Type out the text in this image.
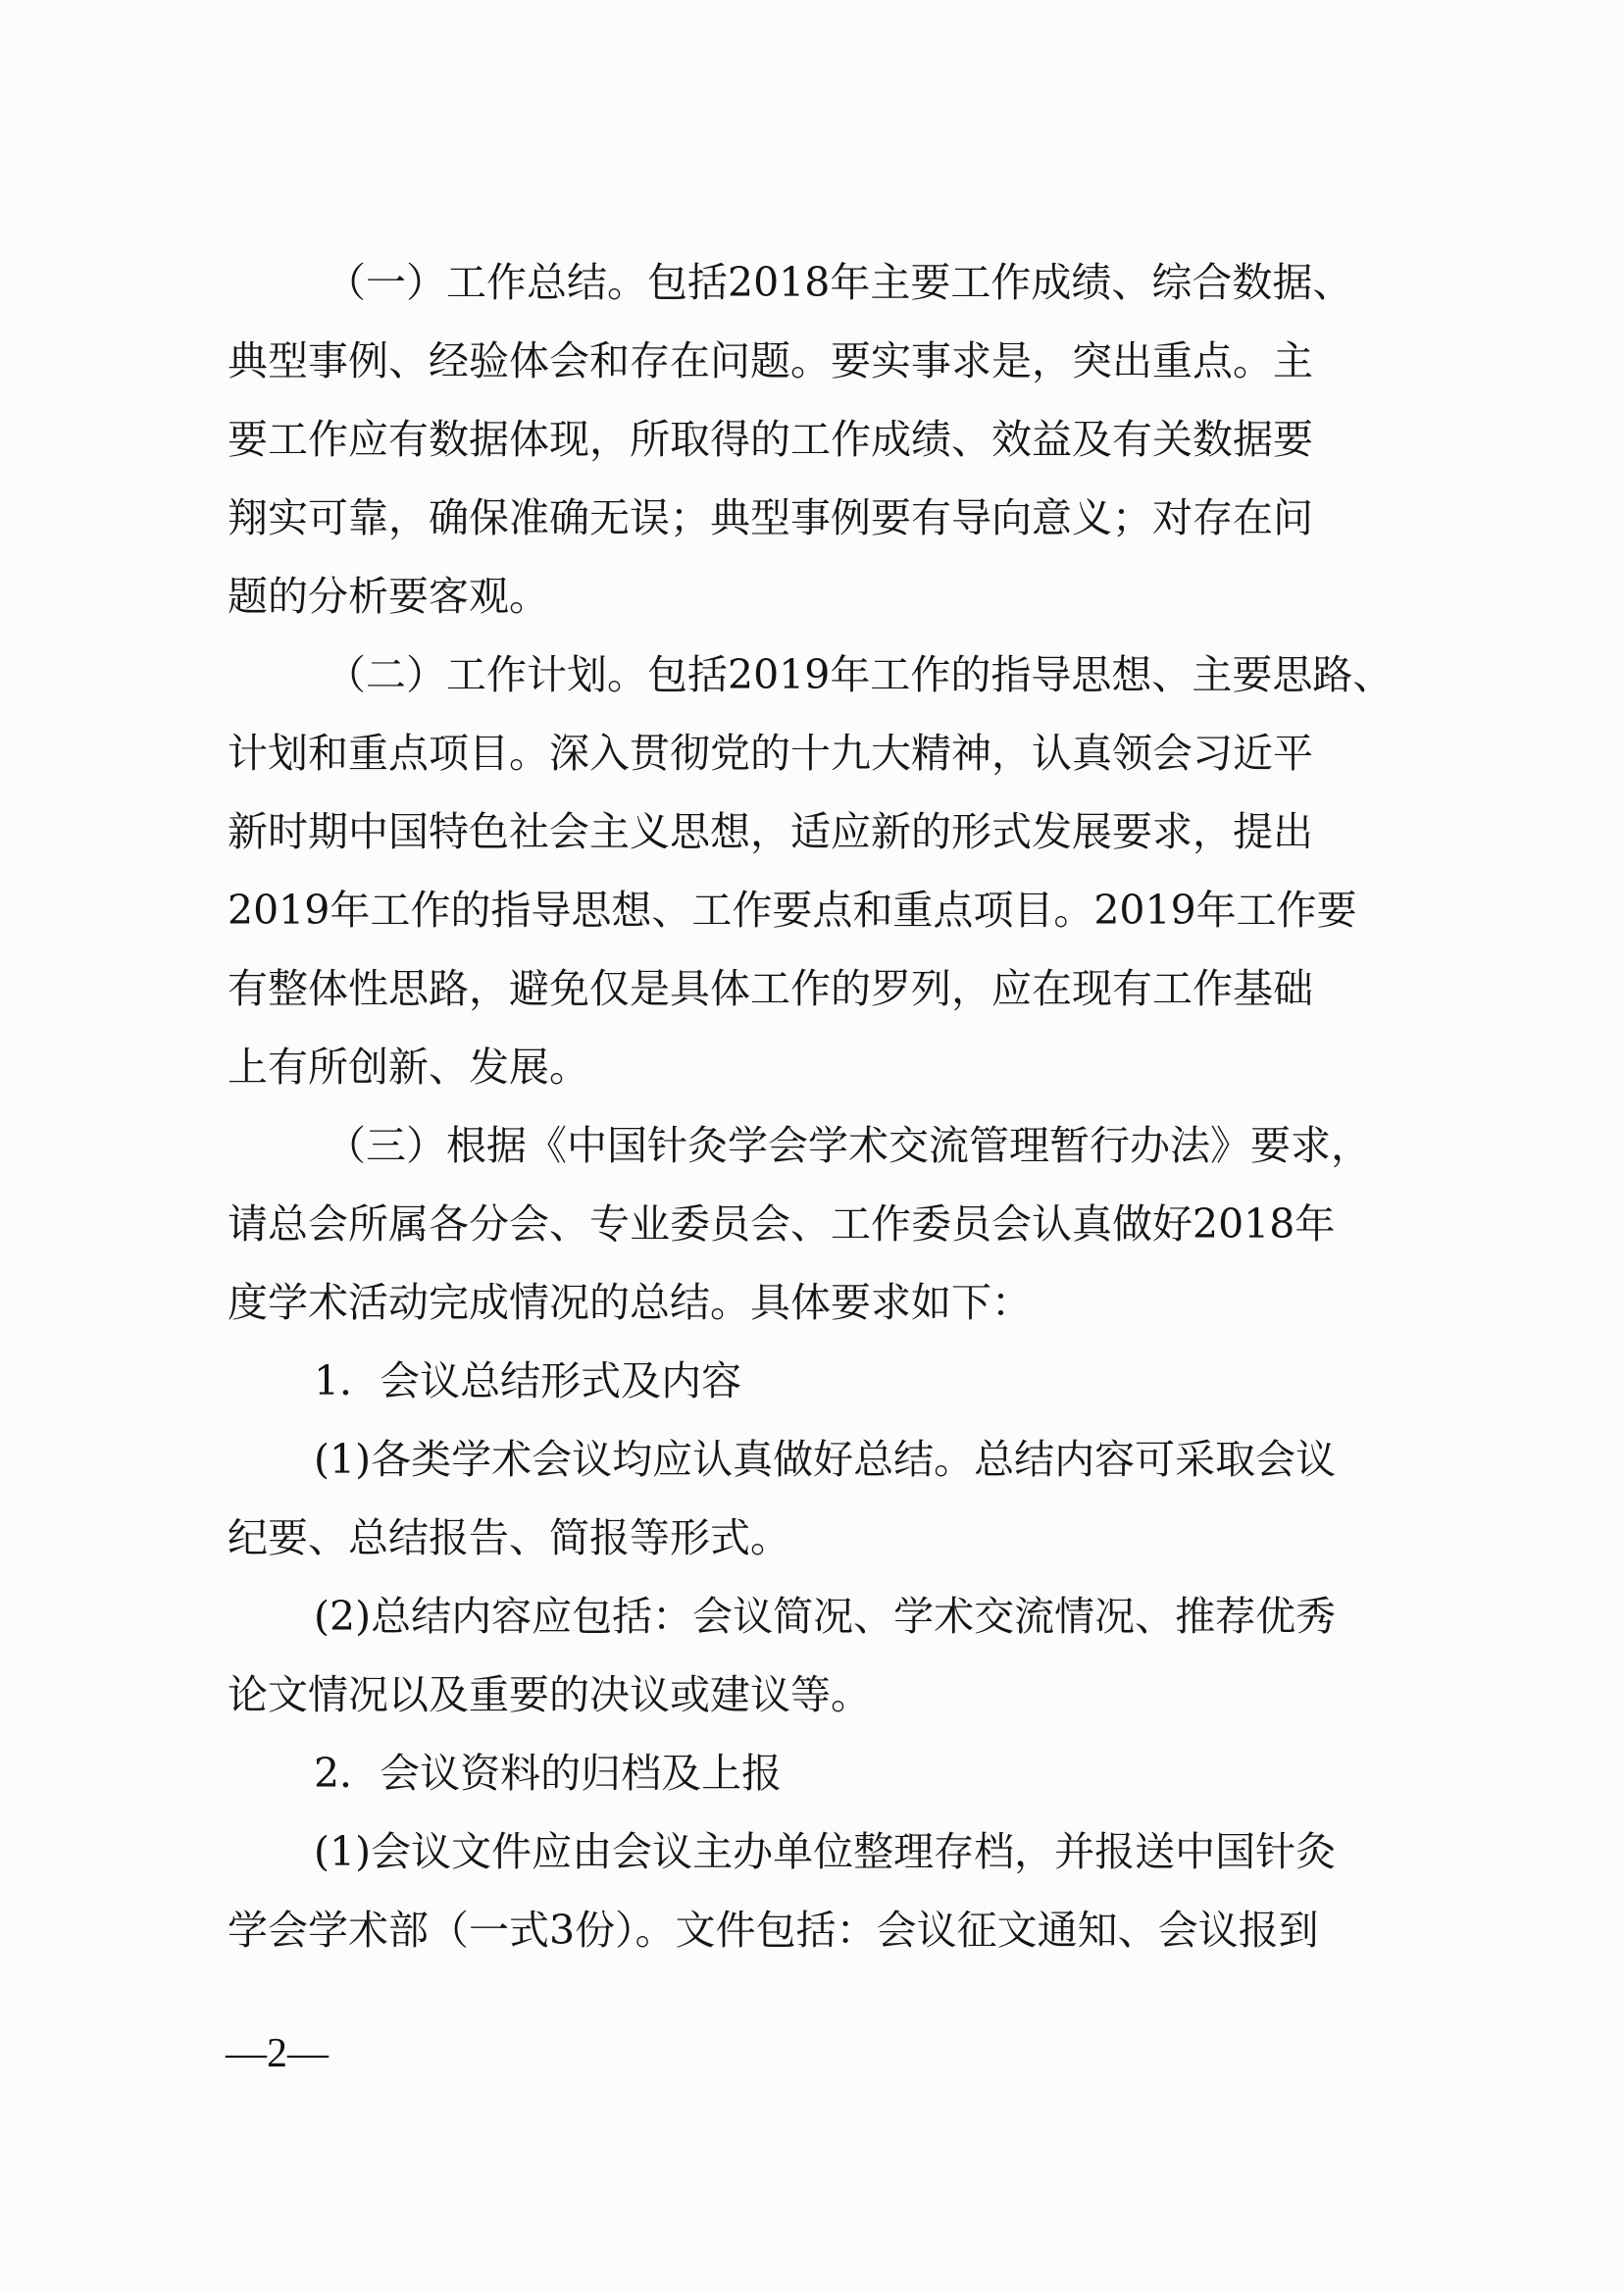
（一）工作总结。包括2018年主要工作成绩、综合数据、
典型事例、经验体会和存在问题。要实事求是，突出重点。主
要工作应有数据体现，所取得的工作成绩、效益及有关数据要
翔实可靠，确保准确无误；典型事例要有导向意义；对存在问
题的分析要客观。
（二）工作计划。包括2019年工作的指导思想、主要思路、
计划和重点项目。深入贯彻党的十九大精神，认真领会习近平
新时期中国特色社会主义思想，适应新的形式发展要求，提出
2019年工作的指导思想、工作要点和重点项目。2019年工作要
有整体性思路，避免仅是具体工作的罗列，应在现有工作基础
上有所创新、发展。
（三）根据《中国针灸学会学术交流管理暂行办法》要求，
请总会所属各分会、专业委员会、工作委员会认真做好2018年
度学术活动完成情况的总结。具体要求如下：
1．会议总结形式及内容
(1)各类学术会议均应认真做好总结。总结内容可采取会议
纪要、总结报告、简报等形式。
(2)总结内容应包括：会议简况、学术交流情况、推荐优秀
论文情况以及重要的决议或建议等。
2．会议资料的归档及上报
(1)会议文件应由会议主办单位整理存档，并报送中国针灸
学会学术部（一式3份）。文件包括：会议征文通知、会议报到
—2—
